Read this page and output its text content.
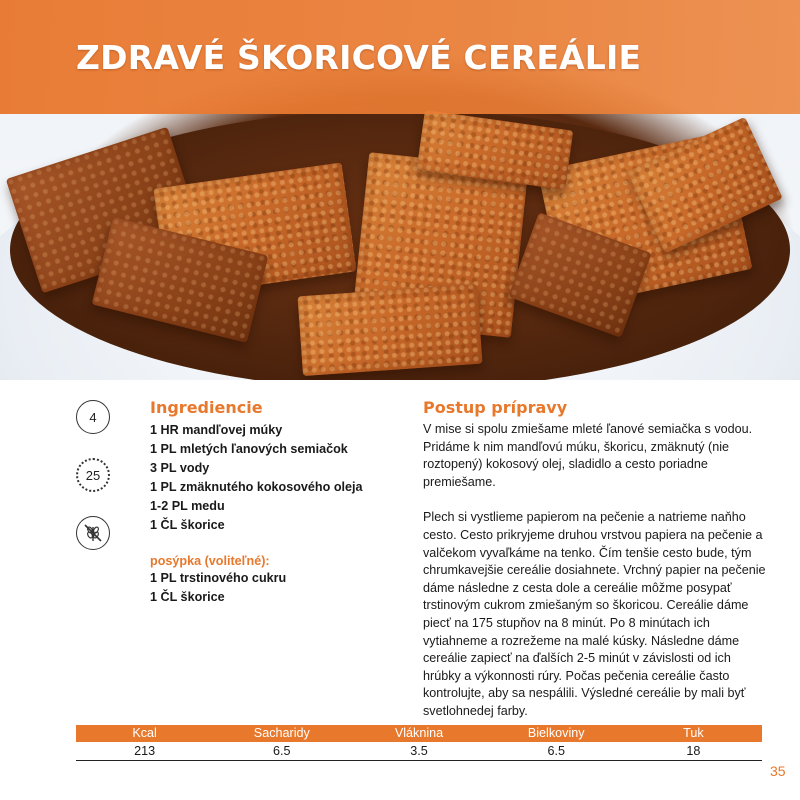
ZDRAVÉ ŠKORICOVÉ CEREÁLIE
4
25
Ingrediencie
1 HR mandľovej múky
1 PL mletých ľanových semiačok
3 PL vody
1 PL zmäknutého kokosového oleja
1-2 PL medu
1 ČL škorice
posýpka (voliteľné):
1 PL trstinového cukru
1 ČL škorice
Postup prípravy

V mise si spolu zmiešame mleté ľanové semiačka s vodou. Pridáme k nim mandľovú múku, škoricu, zmäknutý (nie roztopený) kokosový olej, sladidlo a cesto poriadne premiešame.

Plech si vystlieme papierom na pečenie a natrieme naňho cesto. Cesto prikryjeme druhou vrstvou papiera na pečenie a valčekom vyvaľkáme na tenko. Čím tenšie cesto bude, tým chrumkavejšie cereálie dosiahnete. Vrchný papier na pečenie dáme následne z cesta dole a cereálie môžme posypať trstinovým cukrom zmiešaným so škoricou. Cereálie dáme piecť na 175 stupňov na 8 minút. Po 8 minútach ich vytiahneme a rozrežeme na malé kúsky. Následne dáme cereálie zapiecť na ďalších 2-5 minút v závislosti od ich hrúbky a výkonnosti rúry. Počas pečenia cereálie často kontrolujte, aby sa nespálili. Výsledné cereálie by mali byť svetlohnedej farby.

Kcal	Sacharidy	Vláknina	Bielkoviny	Tuk
213	6.5	3.5	6.5	18
35
